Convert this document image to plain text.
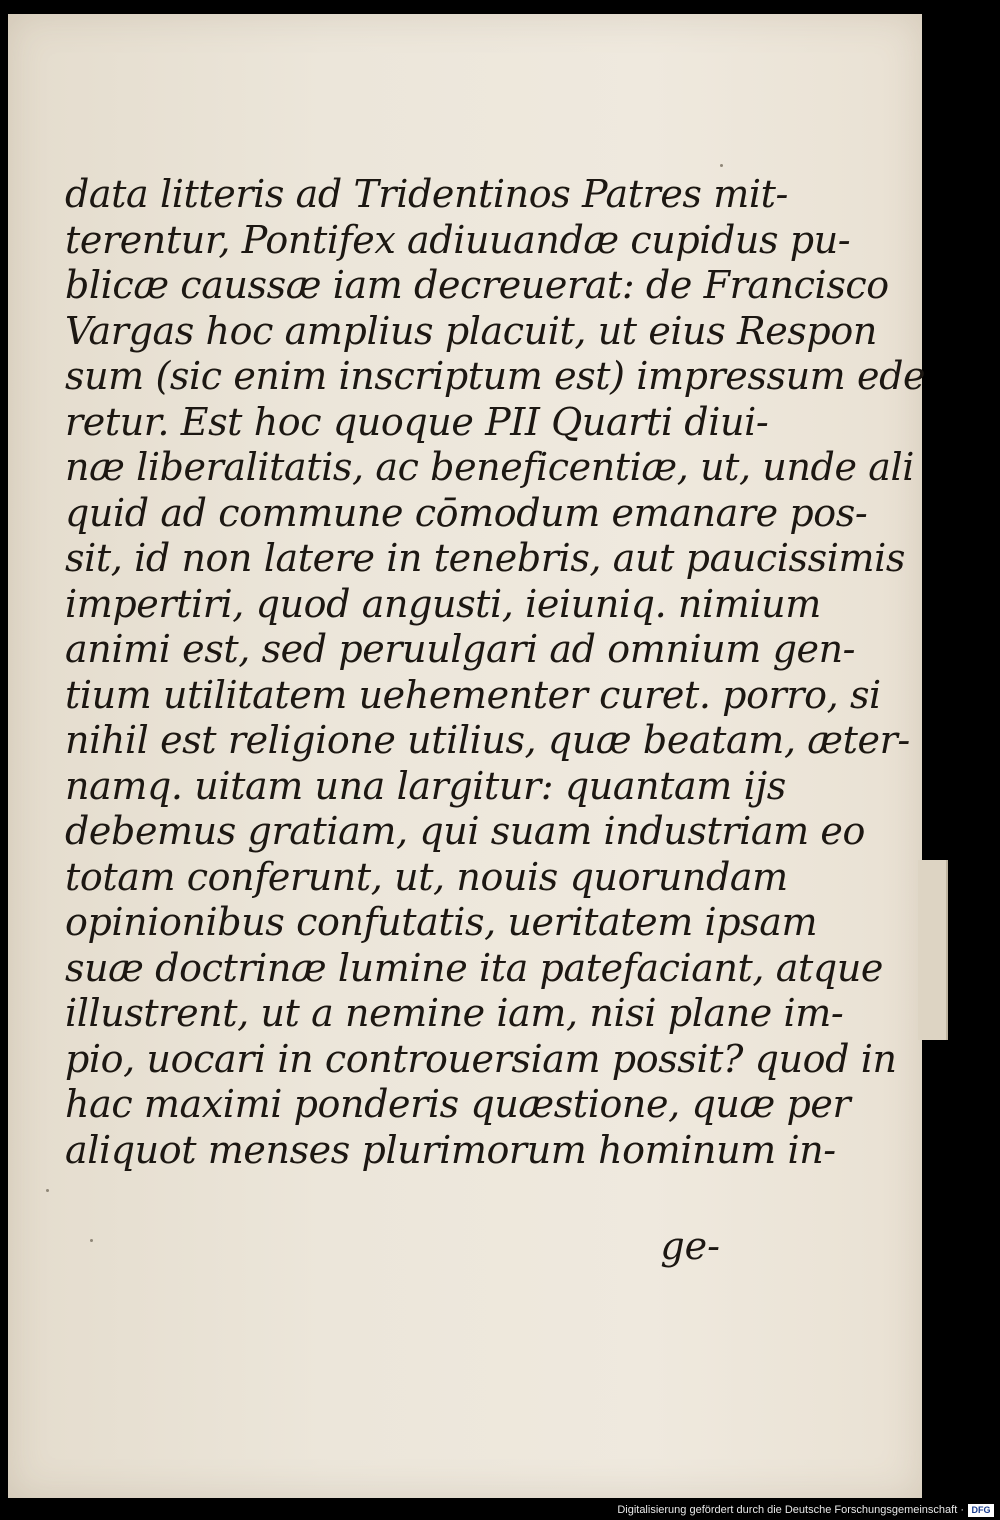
data litteris ad Tridentinos Patres mit-
terentur, Pontifex adiuuandæ cupidus pu-
blicæ caussæ iam decreuerat: de Francisco
Vargas hoc amplius placuit, ut eius Respon
sum (sic enim inscriptum est) impressum ede
retur. Est hoc quoque PII Quarti diui-
næ liberalitatis, ac beneficentiæ, ut, unde ali
quid ad commune cōmodum emanare pos-
sit, id non latere in tenebris, aut paucissimis
impertiri, quod angusti, ieiuniq. nimium
animi est, sed peruulgari ad omnium gen-
tium utilitatem uehementer curet. porro, si
nihil est religione utilius, quæ beatam, æter-
namq. uitam una largitur: quantam ijs
debemus gratiam, qui suam industriam eo
totam conferunt, ut, nouis quorundam
opinionibus confutatis, ueritatem ipsam
suæ doctrinæ lumine ita patefaciant, atque
illustrent, ut a nemine iam, nisi plane im-
pio, uocari in controuersiam possit? quod in
hac maximi ponderis quæstione, quæ per
aliquot menses plurimorum hominum in-
ge-
Digitalisierung gefördert durch die Deutsche Forschungsgemeinschaft · DFG
